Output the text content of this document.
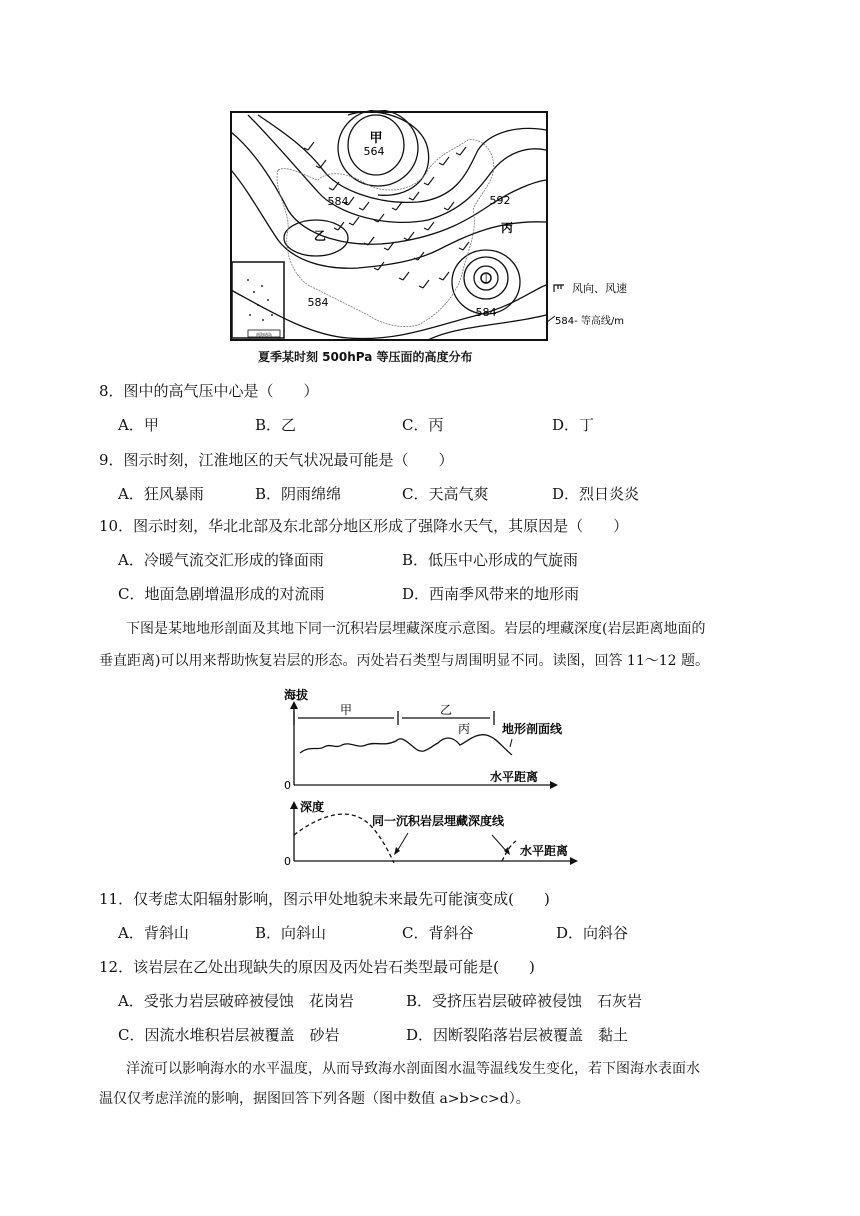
南海诸岛
丁
甲
564
乙
584
584
584
592
丙
风向、风速
584- 等高线/m
夏季某时刻 500hPa 等压面的高度分布
8．图中的高气压中心是（　　）
A．甲	B．乙	C．丙	D．丁
9．图示时刻，江淮地区的天气状况最可能是（　　）
A．狂风暴雨	B．阴雨绵绵	C．天高气爽	D．烈日炎炎
10．图示时刻，华北北部及东北部分地区形成了强降水天气，其原因是（　　）
A．冷暖气流交汇形成的锋面雨	B．低压中心形成的气旋雨
C．地面急剧增温形成的对流雨	D．西南季风带来的地形雨
下图是某地地形剖面及其地下同一沉积岩层埋藏深度示意图。岩层的埋藏深度(岩层距离地面的
垂直距离)可以用来帮助恢复岩层的形态。丙处岩石类型与周围明显不同。读图，回答 11～12 题。
海拔
甲	乙
丙	地形剖面线
水平距离
0
深度
同一沉积岩层埋藏深度线
水平距离
0
11．仅考虑太阳辐射影响，图示甲处地貌未来最先可能演变成(　　)
A．背斜山	B．向斜山	C．背斜谷	D．向斜谷
12．该岩层在乙处出现缺失的原因及丙处岩石类型最可能是(　　)
A．受张力岩层破碎被侵蚀　花岗岩	B．受挤压岩层破碎被侵蚀　石灰岩
C．因流水堆积岩层被覆盖　砂岩	D．因断裂陷落岩层被覆盖　黏土
洋流可以影响海水的水平温度，从而导致海水剖面图水温等温线发生变化，若下图海水表面水
温仅仅考虑洋流的影响，据图回答下列各题（图中数值 a>b>c>d）。
